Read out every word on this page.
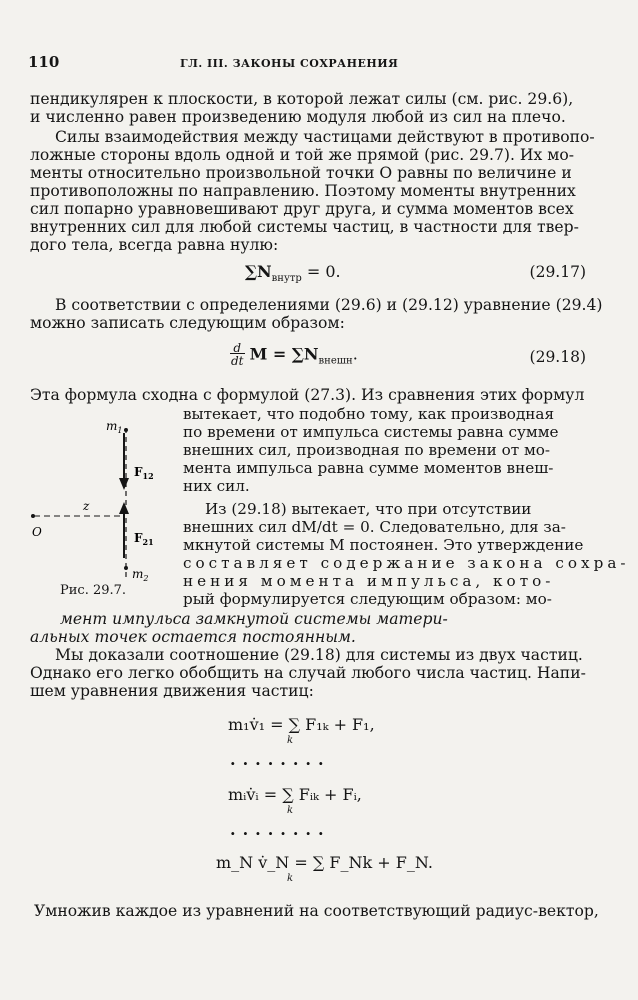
110	ГЛ. III. ЗАКОНЫ СОХРАНЕНИЯ
пендикулярен к плоскости, в которой лежат силы (см. рис. 29.6),
и численно равен произведению модуля любой из сил на плечо.
Силы взаимодействия между частицами действуют в противопо-
ложные стороны вдоль одной и той же прямой (рис. 29.7). Их мо-
менты относительно произвольной точки O равны по величине и
противоположны по направлению. Поэтому моменты внутренних
сил попарно уравновешивают друг друга, и сумма моментов всех
внутренних сил для любой системы частиц, в частности для твер-
дого тела, всегда равна нулю:
$\sum N_{внутр} = 0$.	(29.17)
В соответствии с определениями (29.6) и (29.12) уравнение (29.4)
можно записать следующим образом:
$\frac{d}{dt}$ $M = \sum N_{внешн}$.	(29.18)
Эта формула сходна с формулой (27.3). Из сравнения этих формул
вытекает, что подобно тому, как производная
по времени от импульса системы равна сумме
внешних сил, производная по времени от мо-
мента импульса равна сумме моментов внеш-
них сил.
Из (29.18) вытекает, что при отсутствии
внешних сил dM/dt = 0. Следовательно, для за-
мкнутой системы M постоянен. Это утверждение
составляет содержание закона сохра-
нения момента импульса, кото-
рый формулируется следующим образом: мо-
мент импульса замкнутой системы матери-
альных точек остается постоянным.
$m_1$
$m_2$
$F_{12}$
$F_{21}$
z
O
Рис. 29.7.
Мы доказали соотношение (29.18) для системы из двух частиц.
Однако его легко обобщить на случай любого числа частиц. Напи-
шем уравнения движения частиц:
m₁v̇₁ = ∑ F₁ₖ + F₁,
k
........
mᵢv̇ᵢ = ∑ Fᵢₖ + Fᵢ,
k
........
m_N v̇_N = ∑ F_Nk + F_N.
k
Умножив каждое из уравнений на соответствующий радиус-вектор,
